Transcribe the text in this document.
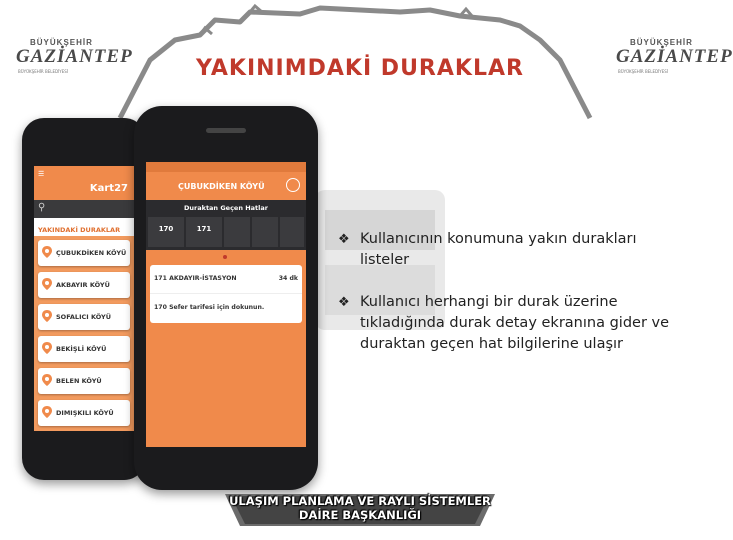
BÜYÜKŞEHİR
GAZİANTEP
BÜYÜKŞEHİR BELEDİYESİ
BÜYÜKŞEHİR
GAZİANTEP
BÜYÜKŞEHİR BELEDİYESİ
YAKINIMDAKİ DURAKLAR
☰
Kart27
⚲
YAKINDAKİ DURAKLAR
ÇUBUKDİKEN KÖYÜ
AKBAYIR KÖYÜ
SOFALICI KÖYÜ
BEKİŞLİ KÖYÜ
BELEN KÖYÜ
DIMIŞKILI KÖYÜ
ÇUBUKDİKEN KÖYÜ
Duraktan Geçen Hatlar
170	171
171 AKDAYIR-İSTASYON	34 dk
170 Sefer tarifesi için dokunun.
❖ Kullanıcının konumuna yakın durakları listeler
❖ Kullanıcı herhangi bir durak üzerine tıkladığında durak detay ekranına gider ve duraktan geçen hat bilgilerine ulaşır
ULAŞIM PLANLAMA VE RAYLI SİSTEMLER
DAİRE BAŞKANLIĞI
